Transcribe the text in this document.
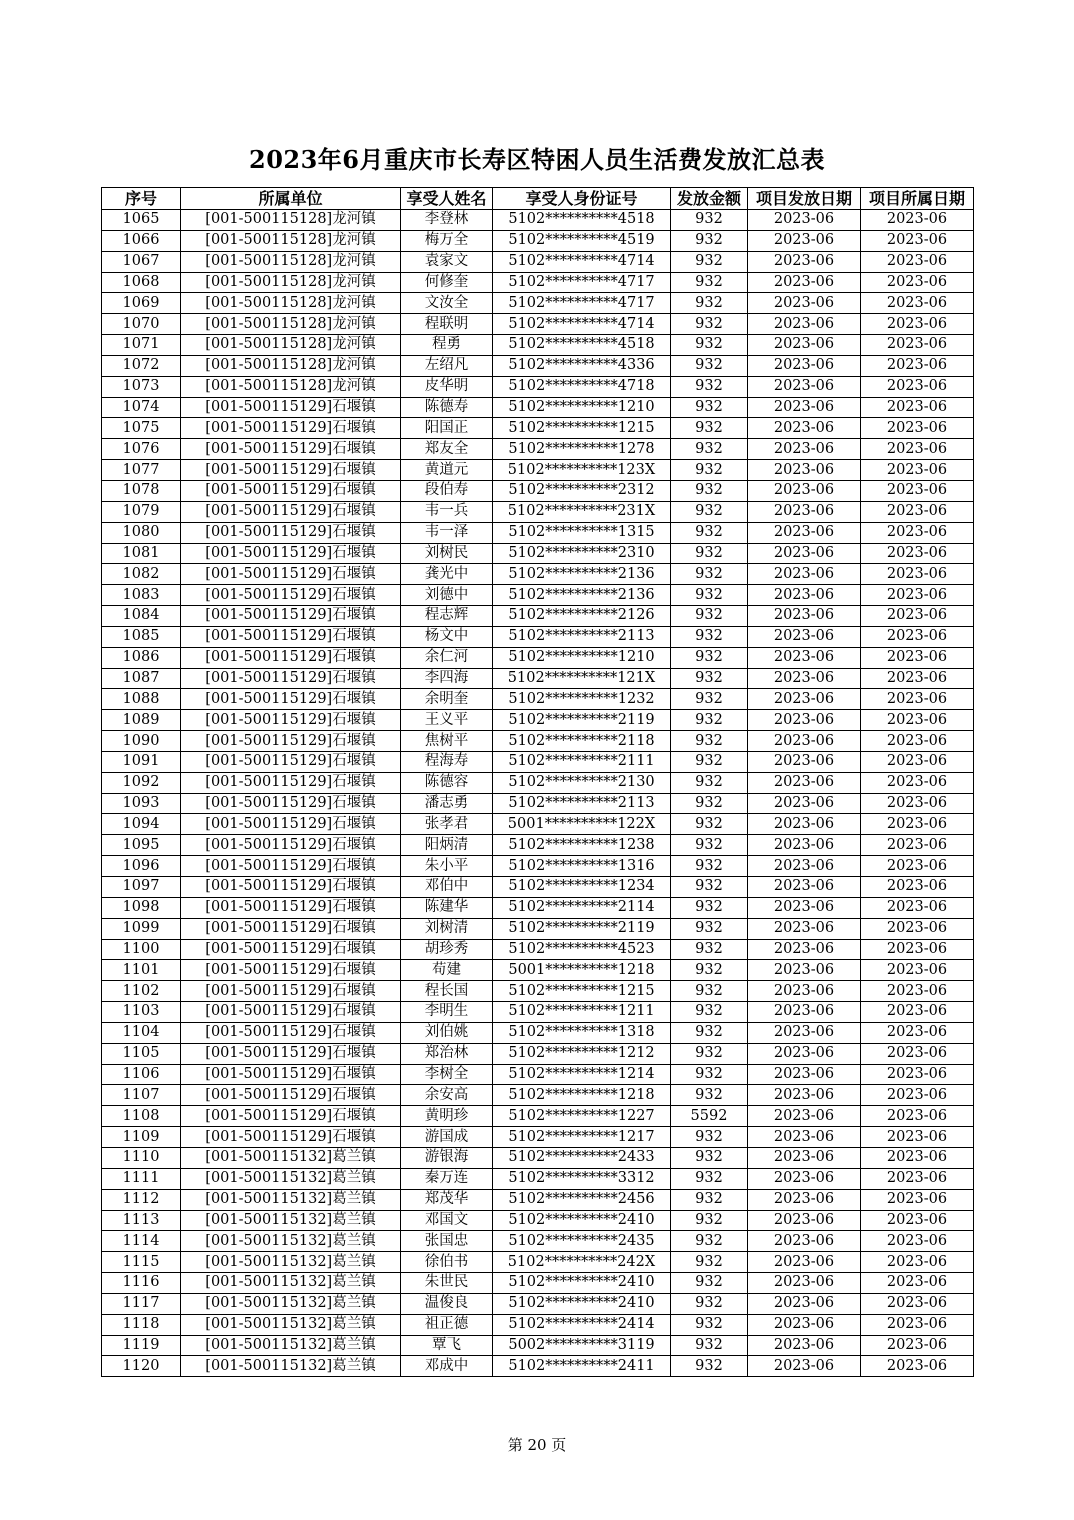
2023年6月重庆市长寿区特困人员生活费发放汇总表
序号	所属单位	享受人姓名	享受人身份证号	发放金额	项目发放日期	项目所属日期
1065	[001-500115128]龙河镇	李登林	5102**********4518	932	2023-06	2023-06
1066	[001-500115128]龙河镇	梅万全	5102**********4519	932	2023-06	2023-06
1067	[001-500115128]龙河镇	袁家文	5102**********4714	932	2023-06	2023-06
1068	[001-500115128]龙河镇	何修奎	5102**********4717	932	2023-06	2023-06
1069	[001-500115128]龙河镇	文汝全	5102**********4717	932	2023-06	2023-06
1070	[001-500115128]龙河镇	程联明	5102**********4714	932	2023-06	2023-06
1071	[001-500115128]龙河镇	程勇	5102**********4518	932	2023-06	2023-06
1072	[001-500115128]龙河镇	左绍凡	5102**********4336	932	2023-06	2023-06
1073	[001-500115128]龙河镇	皮华明	5102**********4718	932	2023-06	2023-06
1074	[001-500115129]石堰镇	陈德寿	5102**********1210	932	2023-06	2023-06
1075	[001-500115129]石堰镇	阳国正	5102**********1215	932	2023-06	2023-06
1076	[001-500115129]石堰镇	郑友全	5102**********1278	932	2023-06	2023-06
1077	[001-500115129]石堰镇	黄道元	5102**********123X	932	2023-06	2023-06
1078	[001-500115129]石堰镇	段伯寿	5102**********2312	932	2023-06	2023-06
1079	[001-500115129]石堰镇	韦一兵	5102**********231X	932	2023-06	2023-06
1080	[001-500115129]石堰镇	韦一泽	5102**********1315	932	2023-06	2023-06
1081	[001-500115129]石堰镇	刘树民	5102**********2310	932	2023-06	2023-06
1082	[001-500115129]石堰镇	龚光中	5102**********2136	932	2023-06	2023-06
1083	[001-500115129]石堰镇	刘德中	5102**********2136	932	2023-06	2023-06
1084	[001-500115129]石堰镇	程志辉	5102**********2126	932	2023-06	2023-06
1085	[001-500115129]石堰镇	杨文中	5102**********2113	932	2023-06	2023-06
1086	[001-500115129]石堰镇	余仁河	5102**********1210	932	2023-06	2023-06
1087	[001-500115129]石堰镇	李四海	5102**********121X	932	2023-06	2023-06
1088	[001-500115129]石堰镇	余明奎	5102**********1232	932	2023-06	2023-06
1089	[001-500115129]石堰镇	王义平	5102**********2119	932	2023-06	2023-06
1090	[001-500115129]石堰镇	焦树平	5102**********2118	932	2023-06	2023-06
1091	[001-500115129]石堰镇	程海寿	5102**********2111	932	2023-06	2023-06
1092	[001-500115129]石堰镇	陈德容	5102**********2130	932	2023-06	2023-06
1093	[001-500115129]石堰镇	潘志勇	5102**********2113	932	2023-06	2023-06
1094	[001-500115129]石堰镇	张孝君	5001**********122X	932	2023-06	2023-06
1095	[001-500115129]石堰镇	阳炳清	5102**********1238	932	2023-06	2023-06
1096	[001-500115129]石堰镇	朱小平	5102**********1316	932	2023-06	2023-06
1097	[001-500115129]石堰镇	邓伯中	5102**********1234	932	2023-06	2023-06
1098	[001-500115129]石堰镇	陈建华	5102**********2114	932	2023-06	2023-06
1099	[001-500115129]石堰镇	刘树清	5102**********2119	932	2023-06	2023-06
1100	[001-500115129]石堰镇	胡珍秀	5102**********4523	932	2023-06	2023-06
1101	[001-500115129]石堰镇	苟建	5001**********1218	932	2023-06	2023-06
1102	[001-500115129]石堰镇	程长国	5102**********1215	932	2023-06	2023-06
1103	[001-500115129]石堰镇	李明生	5102**********1211	932	2023-06	2023-06
1104	[001-500115129]石堰镇	刘伯姚	5102**********1318	932	2023-06	2023-06
1105	[001-500115129]石堰镇	郑治林	5102**********1212	932	2023-06	2023-06
1106	[001-500115129]石堰镇	李树全	5102**********1214	932	2023-06	2023-06
1107	[001-500115129]石堰镇	余安高	5102**********1218	932	2023-06	2023-06
1108	[001-500115129]石堰镇	黄明珍	5102**********1227	5592	2023-06	2023-06
1109	[001-500115129]石堰镇	游国成	5102**********1217	932	2023-06	2023-06
1110	[001-500115132]葛兰镇	游银海	5102**********2433	932	2023-06	2023-06
1111	[001-500115132]葛兰镇	秦万连	5102**********3312	932	2023-06	2023-06
1112	[001-500115132]葛兰镇	郑茂华	5102**********2456	932	2023-06	2023-06
1113	[001-500115132]葛兰镇	邓国文	5102**********2410	932	2023-06	2023-06
1114	[001-500115132]葛兰镇	张国忠	5102**********2435	932	2023-06	2023-06
1115	[001-500115132]葛兰镇	徐伯书	5102**********242X	932	2023-06	2023-06
1116	[001-500115132]葛兰镇	朱世民	5102**********2410	932	2023-06	2023-06
1117	[001-500115132]葛兰镇	温俊良	5102**********2410	932	2023-06	2023-06
1118	[001-500115132]葛兰镇	祖正德	5102**********2414	932	2023-06	2023-06
1119	[001-500115132]葛兰镇	覃飞	5002**********3119	932	2023-06	2023-06
1120	[001-500115132]葛兰镇	邓成中	5102**********2411	932	2023-06	2023-06
第 20 页
